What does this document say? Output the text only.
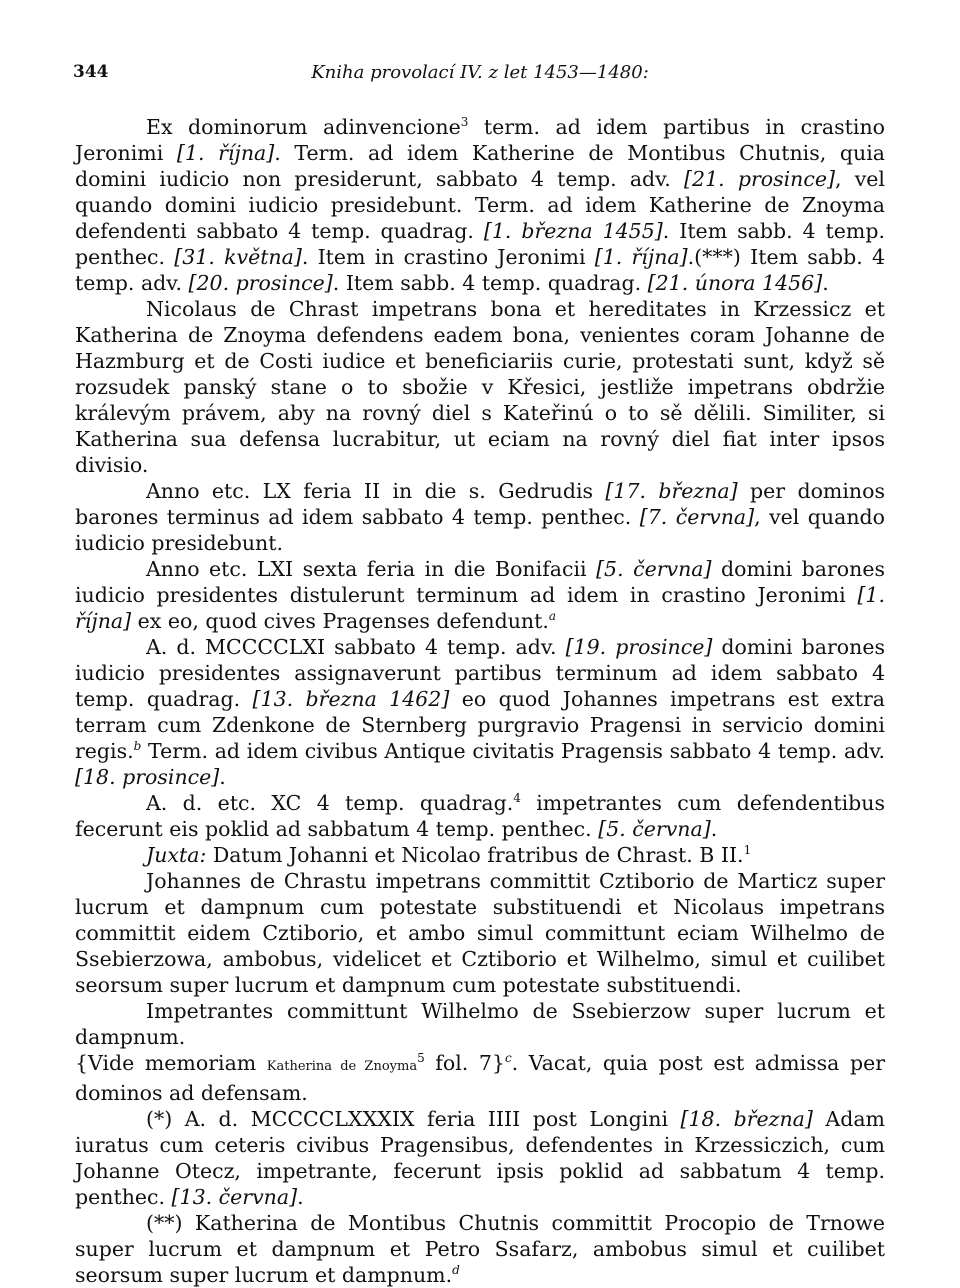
344	Kniha provolací IV. z let 1453—1480:

Ex dominorum adinvencione$^3$ term. ad idem partibus in crastino Jeronimi [1. října]. Term. ad idem Katherine de Montibus Chutnis, quia domini iudicio non presiderunt, sabbato 4 temp. adv. [21. prosince], vel quando domini iudicio presidebunt. Term. ad idem Katherine de Znoyma defendenti sabbato 4 temp. quadrag. [1. března 1455]. Item sabb. 4 temp. penthec. [31. května]. Item in crastino Jeronimi [1. října].(***) Item sabb. 4 temp. adv. [20. prosince]. Item sabb. 4 temp. quadrag. [21. února 1456].

Nicolaus de Chrast impetrans bona et hereditates in Krzessicz et Katherina de Znoyma defendens eadem bona, venientes coram Johanne de Hazmburg et de Costi iudice et beneficiariis curie, protestati sunt, když sě rozsudek panský stane o to sbožie v Křesici, jestliže impetrans obdržie králevým právem, aby na rovný diel s Kateřinú o to sě dělili. Similiter, si Katherina sua defensa lucrabitur, ut eciam na rovný diel fiat inter ipsos divisio.

Anno etc. LX feria II in die s. Gedrudis [17. března] per dominos barones terminus ad idem sabbato 4 temp. penthec. [7. června], vel quando iudicio presidebunt.

Anno etc. LXI sexta feria in die Bonifacii [5. června] domini barones iudicio presidentes distulerunt terminum ad idem in crastino Jeronimi [1. října] ex eo, quod cives Pragenses defendunt.$^a$

A. d. MCCCCLXI sabbato 4 temp. adv. [19. prosince] domini barones iudicio presidentes assignaverunt partibus terminum ad idem sabbato 4 temp. quadrag. [13. března 1462] eo quod Johannes impetrans est extra terram cum Zdenkone de Sternberg purgravio Pragensi in servicio domini regis.$^b$ Term. ad idem civibus Antique civitatis Pragensis sabbato 4 temp. adv. [18. prosince].

A. d. etc. XC 4 temp. quadrag.$^4$ impetrantes cum defendentibus fecerunt eis poklid ad sabbatum 4 temp. penthec. [5. června].

Juxta: Datum Johanni et Nicolao fratribus de Chrast. B II.$^1$

Johannes de Chrastu impetrans committit Cztiborio de Marticz super lucrum et dampnum cum potestate substituendi et Nicolaus impetrans committit eidem Cztiborio, et ambo simul committunt eciam Wilhelmo de Ssebierzowa, ambobus, videlicet et Cztiborio et Wilhelmo, simul et cuilibet seorsum super lucrum et dampnum cum potestate substituendi.

Impetrantes committunt Wilhelmo de Ssebierzow super lucrum et dampnum.

{Vide memoriam Katherina de Znoyma$^5$ fol. 7}$^c$. Vacat, quia post est admissa per dominos ad defensam.

(*) A. d. MCCCCLXXXIX feria IIII post Longini [18. března] Adam iuratus cum ceteris civibus Pragensibus, defendentes in Krzessiczich, cum Johanne Otecz, impetrante, fecerunt ipsis poklid ad sabbatum 4 temp. penthec. [13. června].

(**) Katherina de Montibus Chutnis committit Procopio de Trnowe super lucrum et dampnum et Petro Ssafarz, ambobus simul et cuilibet seorsum super lucrum et dampnum.$^d$
